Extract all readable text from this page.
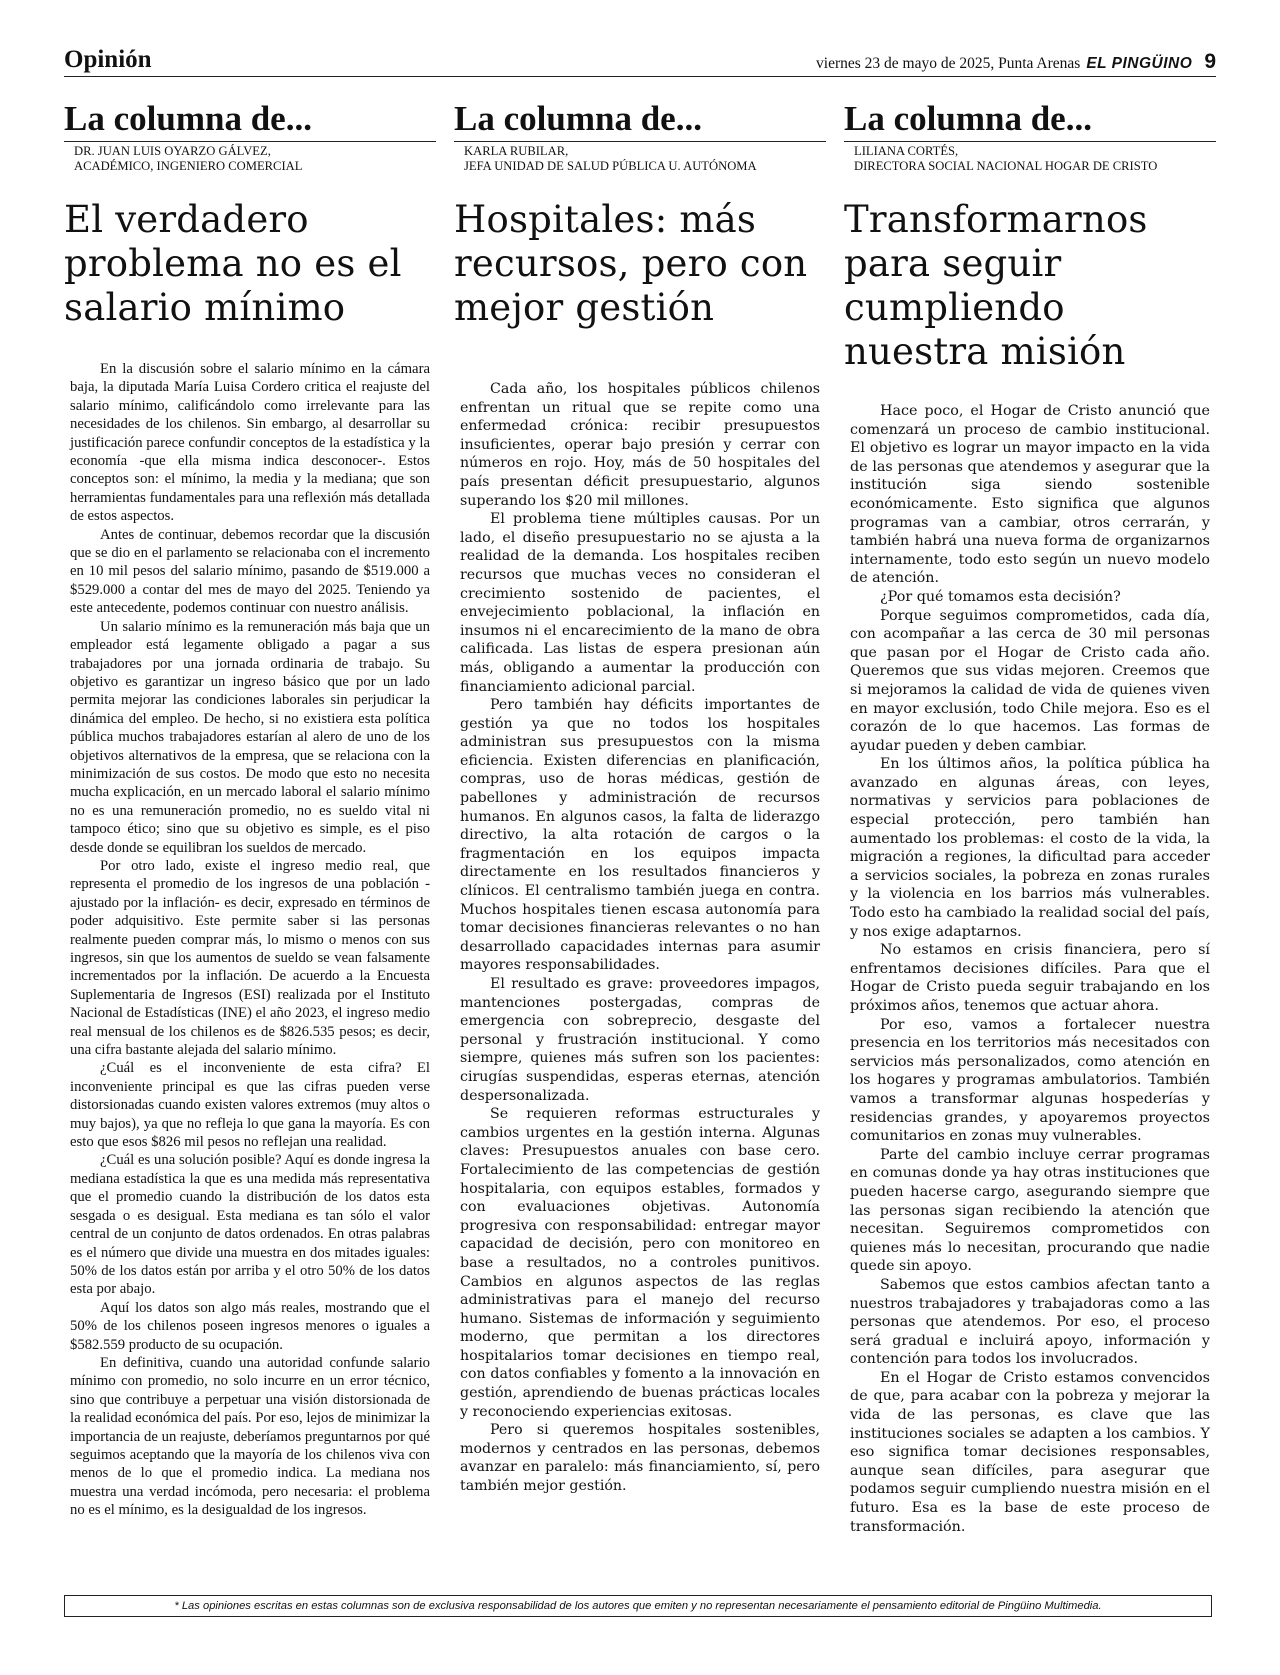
Opinión	viernes 23 de mayo de 2025, Punta Arenas EL PINGÜINO 9
La columna de...
DR. JUAN LUIS OYARZO GÁLVEZ,
ACADÉMICO, INGENIERO COMERCIAL
El verdadero problema no es el salario mínimo

En la discusión sobre el salario mínimo en la cámara baja, la diputada María Luisa Cordero critica el reajuste del salario mínimo, calificándolo como irrelevante para las necesidades de los chilenos. Sin embargo, al desarrollar su justificación parece confundir conceptos de la estadística y la economía -que ella misma indica desconocer-. Estos conceptos son: el mínimo, la media y la mediana; que son herramientas fundamentales para una reflexión más detallada de estos aspectos.

Antes de continuar, debemos recordar que la discusión que se dio en el parlamento se relacionaba con el incremento en 10 mil pesos del salario mínimo, pasando de $519.000 a $529.000 a contar del mes de mayo del 2025. Teniendo ya este antecedente, podemos continuar con nuestro análisis.

Un salario mínimo es la remuneración más baja que un empleador está legamente obligado a pagar a sus trabajadores por una jornada ordinaria de trabajo. Su objetivo es garantizar un ingreso básico que por un lado permita mejorar las condiciones laborales sin perjudicar la dinámica del empleo. De hecho, si no existiera esta política pública muchos trabajadores estarían al alero de uno de los objetivos alternativos de la empresa, que se relaciona con la minimización de sus costos. De modo que esto no necesita mucha explicación, en un mercado laboral el salario mínimo no es una remuneración promedio, no es sueldo vital ni tampoco ético; sino que su objetivo es simple, es el piso desde donde se equilibran los sueldos de mercado.

Por otro lado, existe el ingreso medio real, que representa el promedio de los ingresos de una población -ajustado por la inflación- es decir, expresado en términos de poder adquisitivo. Este permite saber si las personas realmente pueden comprar más, lo mismo o menos con sus ingresos, sin que los aumentos de sueldo se vean falsamente incrementados por la inflación. De acuerdo a la Encuesta Suplementaria de Ingresos (ESI) realizada por el Instituto Nacional de Estadísticas (INE) el año 2023, el ingreso medio real mensual de los chilenos es de $826.535 pesos; es decir, una cifra bastante alejada del salario mínimo.

¿Cuál es el inconveniente de esta cifra? El inconveniente principal es que las cifras pueden verse distorsionadas cuando existen valores extremos (muy altos o muy bajos), ya que no refleja lo que gana la mayoría. Es con esto que esos $826 mil pesos no reflejan una realidad.

¿Cuál es una solución posible? Aquí es donde ingresa la mediana estadística la que es una medida más representativa que el promedio cuando la distribución de los datos esta sesgada o es desigual. Esta mediana es tan sólo el valor central de un conjunto de datos ordenados. En otras palabras es el número que divide una muestra en dos mitades iguales: 50% de los datos están por arriba y el otro 50% de los datos esta por abajo.

Aquí los datos son algo más reales, mostrando que el 50% de los chilenos poseen ingresos menores o iguales a $582.559 producto de su ocupación.

En definitiva, cuando una autoridad confunde salario mínimo con promedio, no solo incurre en un error técnico, sino que contribuye a perpetuar una visión distorsionada de la realidad económica del país. Por eso, lejos de minimizar la importancia de un reajuste, deberíamos preguntarnos por qué seguimos aceptando que la mayoría de los chilenos viva con menos de lo que el promedio indica. La mediana nos muestra una verdad incómoda, pero necesaria: el problema no es el mínimo, es la desigualdad de los ingresos.

La columna de...
KARLA RUBILAR,
JEFA UNIDAD DE SALUD PÚBLICA U. AUTÓNOMA
Hospitales: más recursos, pero con mejor gestión

Cada año, los hospitales públicos chilenos enfrentan un ritual que se repite como una enfermedad crónica: recibir presupuestos insuficientes, operar bajo presión y cerrar con números en rojo. Hoy, más de 50 hospitales del país presentan déficit presupuestario, algunos superando los $20 mil millones.

El problema tiene múltiples causas. Por un lado, el diseño presupuestario no se ajusta a la realidad de la demanda. Los hospitales reciben recursos que muchas veces no consideran el crecimiento sostenido de pacientes, el envejecimiento poblacional, la inflación en insumos ni el encarecimiento de la mano de obra calificada. Las listas de espera presionan aún más, obligando a aumentar la producción con financiamiento adicional parcial.

Pero también hay déficits importantes de gestión ya que no todos los hospitales administran sus presupuestos con la misma eficiencia. Existen diferencias en planificación, compras, uso de horas médicas, gestión de pabellones y administración de recursos humanos. En algunos casos, la falta de liderazgo directivo, la alta rotación de cargos o la fragmentación en los equipos impacta directamente en los resultados financieros y clínicos. El centralismo también juega en contra. Muchos hospitales tienen escasa autonomía para tomar decisiones financieras relevantes o no han desarrollado capacidades internas para asumir mayores responsabilidades.

El resultado es grave: proveedores impagos, mantenciones postergadas, compras de emergencia con sobreprecio, desgaste del personal y frustración institucional. Y como siempre, quienes más sufren son los pacientes: cirugías suspendidas, esperas eternas, atención despersonalizada.

Se requieren reformas estructurales y cambios urgentes en la gestión interna. Algunas claves: Presupuestos anuales con base cero. Fortalecimiento de las competencias de gestión hospitalaria, con equipos estables, formados y con evaluaciones objetivas. Autonomía progresiva con responsabilidad: entregar mayor capacidad de decisión, pero con monitoreo en base a resultados, no a controles punitivos. Cambios en algunos aspectos de las reglas administrativas para el manejo del recurso humano. Sistemas de información y seguimiento moderno, que permitan a los directores hospitalarios tomar decisiones en tiempo real, con datos confiables y fomento a la innovación en gestión, aprendiendo de buenas prácticas locales y reconociendo experiencias exitosas.

Pero si queremos hospitales sostenibles, modernos y centrados en las personas, debemos avanzar en paralelo: más financiamiento, sí, pero también mejor gestión.

La columna de...
LILIANA CORTÉS,
DIRECTORA SOCIAL NACIONAL HOGAR DE CRISTO
Transformarnos para seguir cumpliendo nuestra misión

Hace poco, el Hogar de Cristo anunció que comenzará un proceso de cambio institucional. El objetivo es lograr un mayor impacto en la vida de las personas que atendemos y asegurar que la institución siga siendo sostenible económicamente. Esto significa que algunos programas van a cambiar, otros cerrarán, y también habrá una nueva forma de organizarnos internamente, todo esto según un nuevo modelo de atención.

¿Por qué tomamos esta decisión?

Porque seguimos comprometidos, cada día, con acompañar a las cerca de 30 mil personas que pasan por el Hogar de Cristo cada año. Queremos que sus vidas mejoren. Creemos que si mejoramos la calidad de vida de quienes viven en mayor exclusión, todo Chile mejora. Eso es el corazón de lo que hacemos. Las formas de ayudar pueden y deben cambiar.

En los últimos años, la política pública ha avanzado en algunas áreas, con leyes, normativas y servicios para poblaciones de especial protección, pero también han aumentado los problemas: el costo de la vida, la migración a regiones, la dificultad para acceder a servicios sociales, la pobreza en zonas rurales y la violencia en los barrios más vulnerables. Todo esto ha cambiado la realidad social del país, y nos exige adaptarnos.

No estamos en crisis financiera, pero sí enfrentamos decisiones difíciles. Para que el Hogar de Cristo pueda seguir trabajando en los próximos años, tenemos que actuar ahora.

Por eso, vamos a fortalecer nuestra presencia en los territorios más necesitados con servicios más personalizados, como atención en los hogares y programas ambulatorios. También vamos a transformar algunas hospederías y residencias grandes, y apoyaremos proyectos comunitarios en zonas muy vulnerables.

Parte del cambio incluye cerrar programas en comunas donde ya hay otras instituciones que pueden hacerse cargo, asegurando siempre que las personas sigan recibiendo la atención que necesitan. Seguiremos comprometidos con quienes más lo necesitan, procurando que nadie quede sin apoyo.

Sabemos que estos cambios afectan tanto a nuestros trabajadores y trabajadoras como a las personas que atendemos. Por eso, el proceso será gradual e incluirá apoyo, información y contención para todos los involucrados.

En el Hogar de Cristo estamos convencidos de que, para acabar con la pobreza y mejorar la vida de las personas, es clave que las instituciones sociales se adapten a los cambios. Y eso significa tomar decisiones responsables, aunque sean difíciles, para asegurar que podamos seguir cumpliendo nuestra misión en el futuro. Esa es la base de este proceso de transformación.

* Las opiniones escritas en estas columnas son de exclusiva responsabilidad de los autores que emiten y no representan necesariamente el pensamiento editorial de Pingüino Multimedia.
